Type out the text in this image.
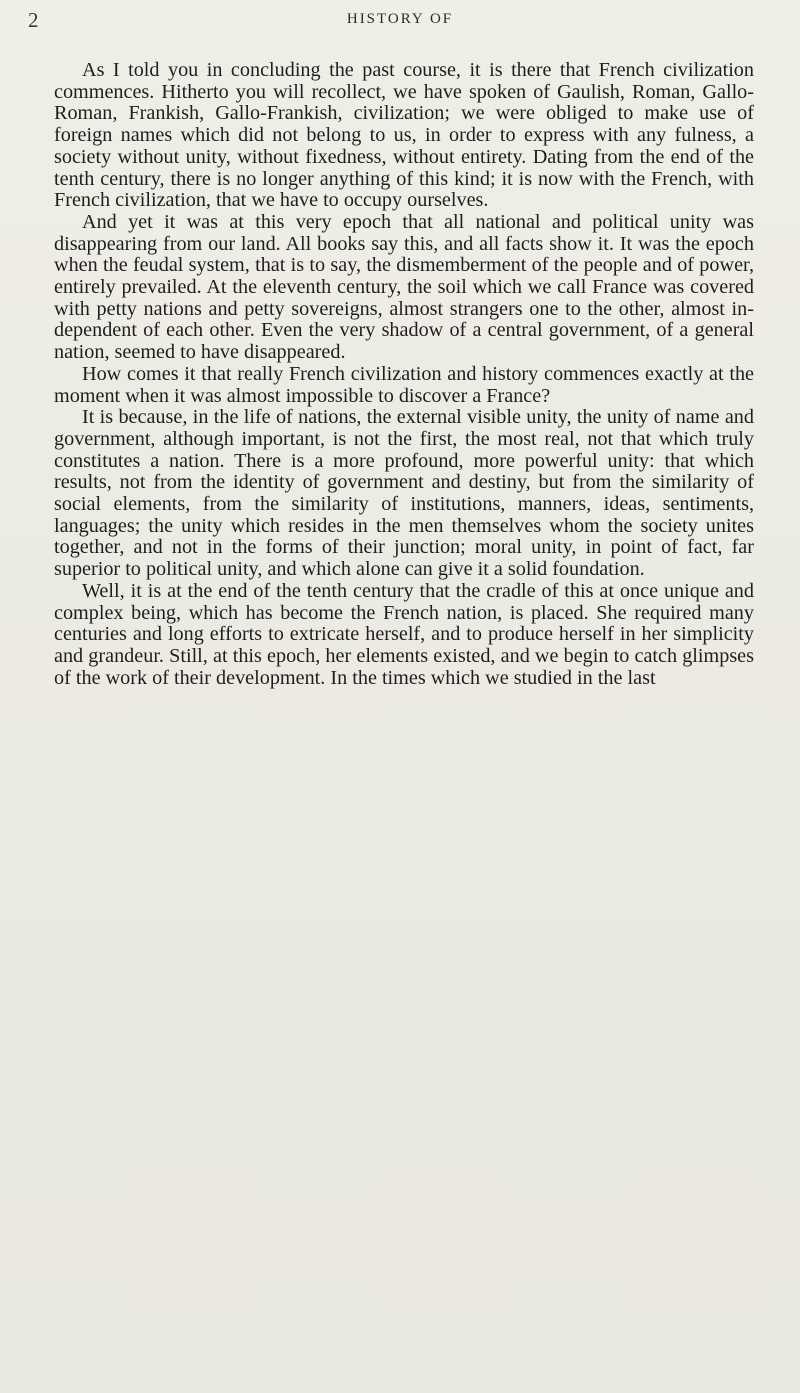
2	HISTORY OF

As I told you in concluding the past course, it is there that French civilization commences. Hitherto you will recollect, we have spoken of Gaulish, Roman, Gallo-Roman, Frankish, Gallo-Frankish, civilization; we were obliged to make use of foreign names which did not belong to us, in order to express with any fulness, a society without unity, without fixedness, without entirety. Dating from the end of the tenth century, there is no longer anything of this kind; it is now with the French, with French civilization, that we have to occupy ourselves.

And yet it was at this very epoch that all national and political unity was disappearing from our land. All books say this, and all facts show it. It was the epoch when the feudal system, that is to say, the dismemberment of the people and of power, entirely prevailed. At the eleventh century, the soil which we call France was covered with petty nations and petty sovereigns, almost strangers one to the other, almost independent of each other. Even the very shadow of a central government, of a general nation, seemed to have disappeared.

How comes it that really French civilization and history commences exactly at the moment when it was almost impossible to discover a France?

It is because, in the life of nations, the external visible unity, the unity of name and government, although important, is not the first, the most real, not that which truly constitutes a nation. There is a more profound, more powerful unity: that which results, not from the identity of government and destiny, but from the similarity of social elements, from the similarity of institutions, manners, ideas, sentiments, languages; the unity which resides in the men themselves whom the society unites together, and not in the forms of their junction; moral unity, in point of fact, far superior to political unity, and which alone can give it a solid foundation.

Well, it is at the end of the tenth century that the cradle of this at once unique and complex being, which has become the French nation, is placed. She required many centuries and long efforts to extricate herself, and to produce herself in her simplicity and grandeur. Still, at this epoch, her elements existed, and we begin to catch glimpses of the work of their development. In the times which we studied in the last
